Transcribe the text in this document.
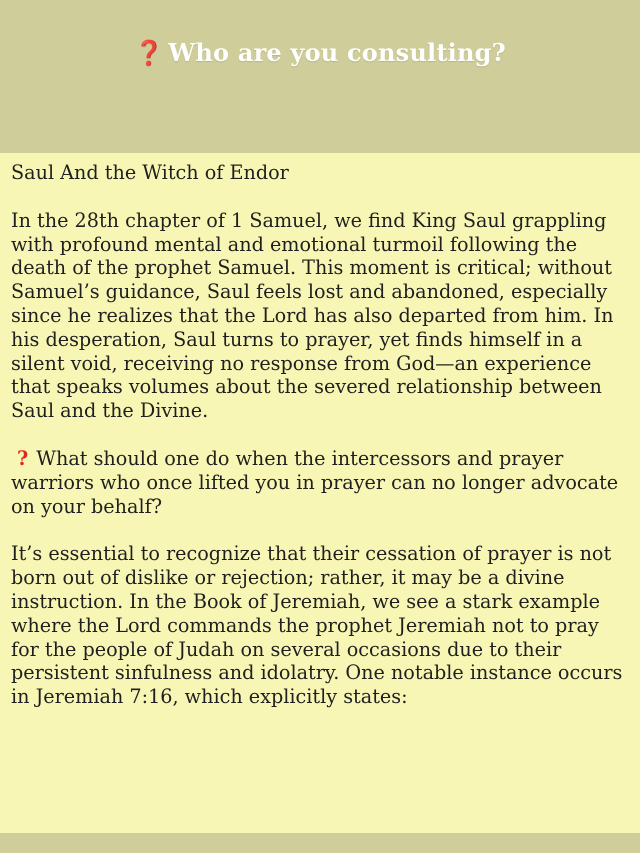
❓ Who are you consulting?

Saul And the Witch of Endor

In the 28th chapter of 1 Samuel, we find King Saul grappling with profound mental and emotional turmoil following the death of the prophet Samuel. This moment is critical; without Samuel’s guidance, Saul feels lost and abandoned, especially since he realizes that the Lord has also departed from him. In his desperation, Saul turns to prayer, yet finds himself in a silent void, receiving no response from God—an experience that speaks volumes about the severed relationship between Saul and the Divine.

? What should one do when the intercessors and prayer warriors who once lifted you in prayer can no longer advocate on your behalf?

It’s essential to recognize that their cessation of prayer is not born out of dislike or rejection; rather, it may be a divine instruction. In the Book of Jeremiah, we see a stark example where the Lord commands the prophet Jeremiah not to pray for the people of Judah on several occasions due to their persistent sinfulness and idolatry. One notable instance occurs in Jeremiah 7:16, which explicitly states:
